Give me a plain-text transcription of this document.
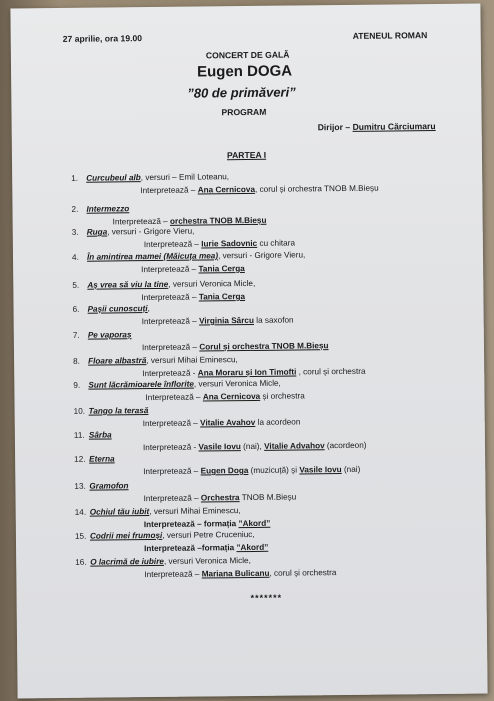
27 aprilie, ora 19.00	ATENEUL ROMAN
CONCERT DE GALĂ
Eugen DOGA
”80 de primăveri”
PROGRAM
Dirijor – Dumitru Cărciumaru
PARTEA I
1. Curcubeul alb, versuri – Emil Loteanu,
Interpretează – Ana Cernicova, corul și orchestra TNOB M.Bieșu
2. Intermezzo
Interpretează – orchestra TNOB M.Bieșu
3. Ruga, versuri - Grigore Vieru,
Interpretează – Iurie Sadovnic cu chitara
4. În amintirea mamei (Măicuța mea), versuri - Grigore Vieru,
Interpretează – Tania Cerga
5. Aș vrea să viu la tine, versuri Veronica Micle,
Interpretează – Tania Cerga
6. Pașii cunoscuți,
Interpretează – Virginia Sârcu la saxofon
7. Pe vaporaș
Interpretează – Corul și orchestra TNOB M.Bieșu
8. Floare albastră, versuri Mihai Eminescu,
Interpretează - Ana Moraru și Ion Timofti , corul și orchestra
9. Sunt lăcrămioarele înflorite, versuri Veronica Micle,
Interpretează – Ana Cernicova și orchestra
10. Tango la terasă
Interpretează – Vitalie Avahov la acordeon
11. Sârba
Interpretează - Vasile Iovu (nai), Vitalie Advahov (acordeon)
12. Eterna
Interpretează – Eugen Doga (muzicuță) și Vasile Iovu (nai)
13. Gramofon
Interpretează – Orchestra TNOB M.Bieșu
14. Ochiul tău iubit, versuri Mihai Eminescu,
Interpretează – formația ”Akord”
15. Codrii mei frumoși, versuri Petre Cruceniuc,
Interpretează –formația ”Akord”
16. O lacrimă de iubire, versuri Veronica Micle,
Interpretează – Mariana Bulicanu, corul și orchestra
*******
